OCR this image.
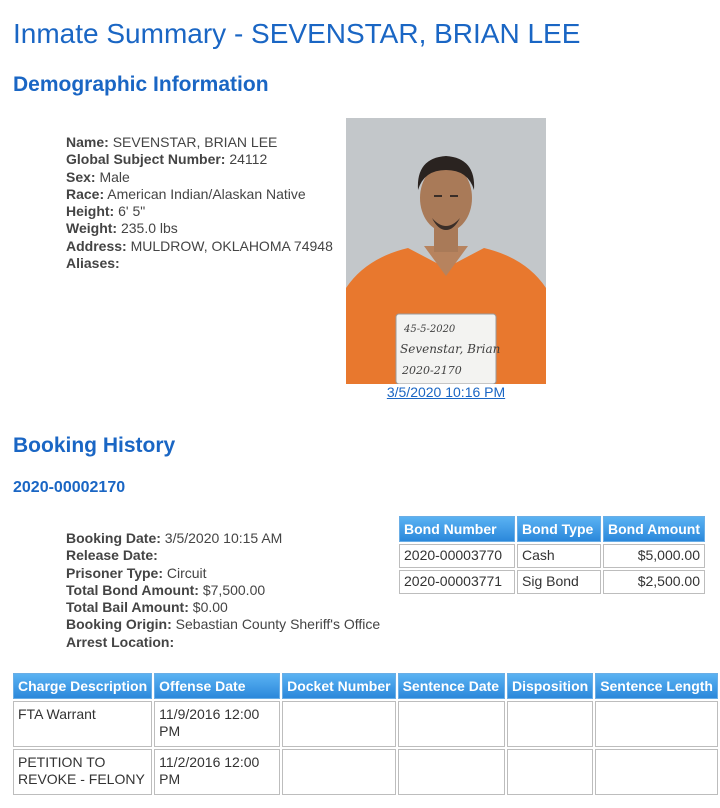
Inmate Summary - SEVENSTAR, BRIAN LEE
Demographic Information
Name: SEVENSTAR, BRIAN LEE
Global Subject Number: 24112
Sex: Male
Race: American Indian/Alaskan Native
Height: 6' 5"
Weight: 235.0 lbs
Address: MULDROW, OKLAHOMA 74948
Aliases:
45-5-2020
Sevenstar, Brian
2020-2170
3/5/2020 10:16 PM
Booking History
2020-00002170
Booking Date: 3/5/2020 10:15 AM
Release Date:
Prisoner Type: Circuit
Total Bond Amount: $7,500.00
Total Bail Amount: $0.00
Booking Origin: Sebastian County Sheriff's Office
Arrest Location:
Bond Number	Bond Type	Bond Amount
2020-00003770	Cash	$5,000.00
2020-00003771	Sig Bond	$2,500.00
Charge Description	Offense Date	Docket Number	Sentence Date	Disposition	Sentence Length
FTA Warrant	11/9/2016 12:00 PM				
PETITION TO REVOKE - FELONY	11/2/2016 12:00 PM				
